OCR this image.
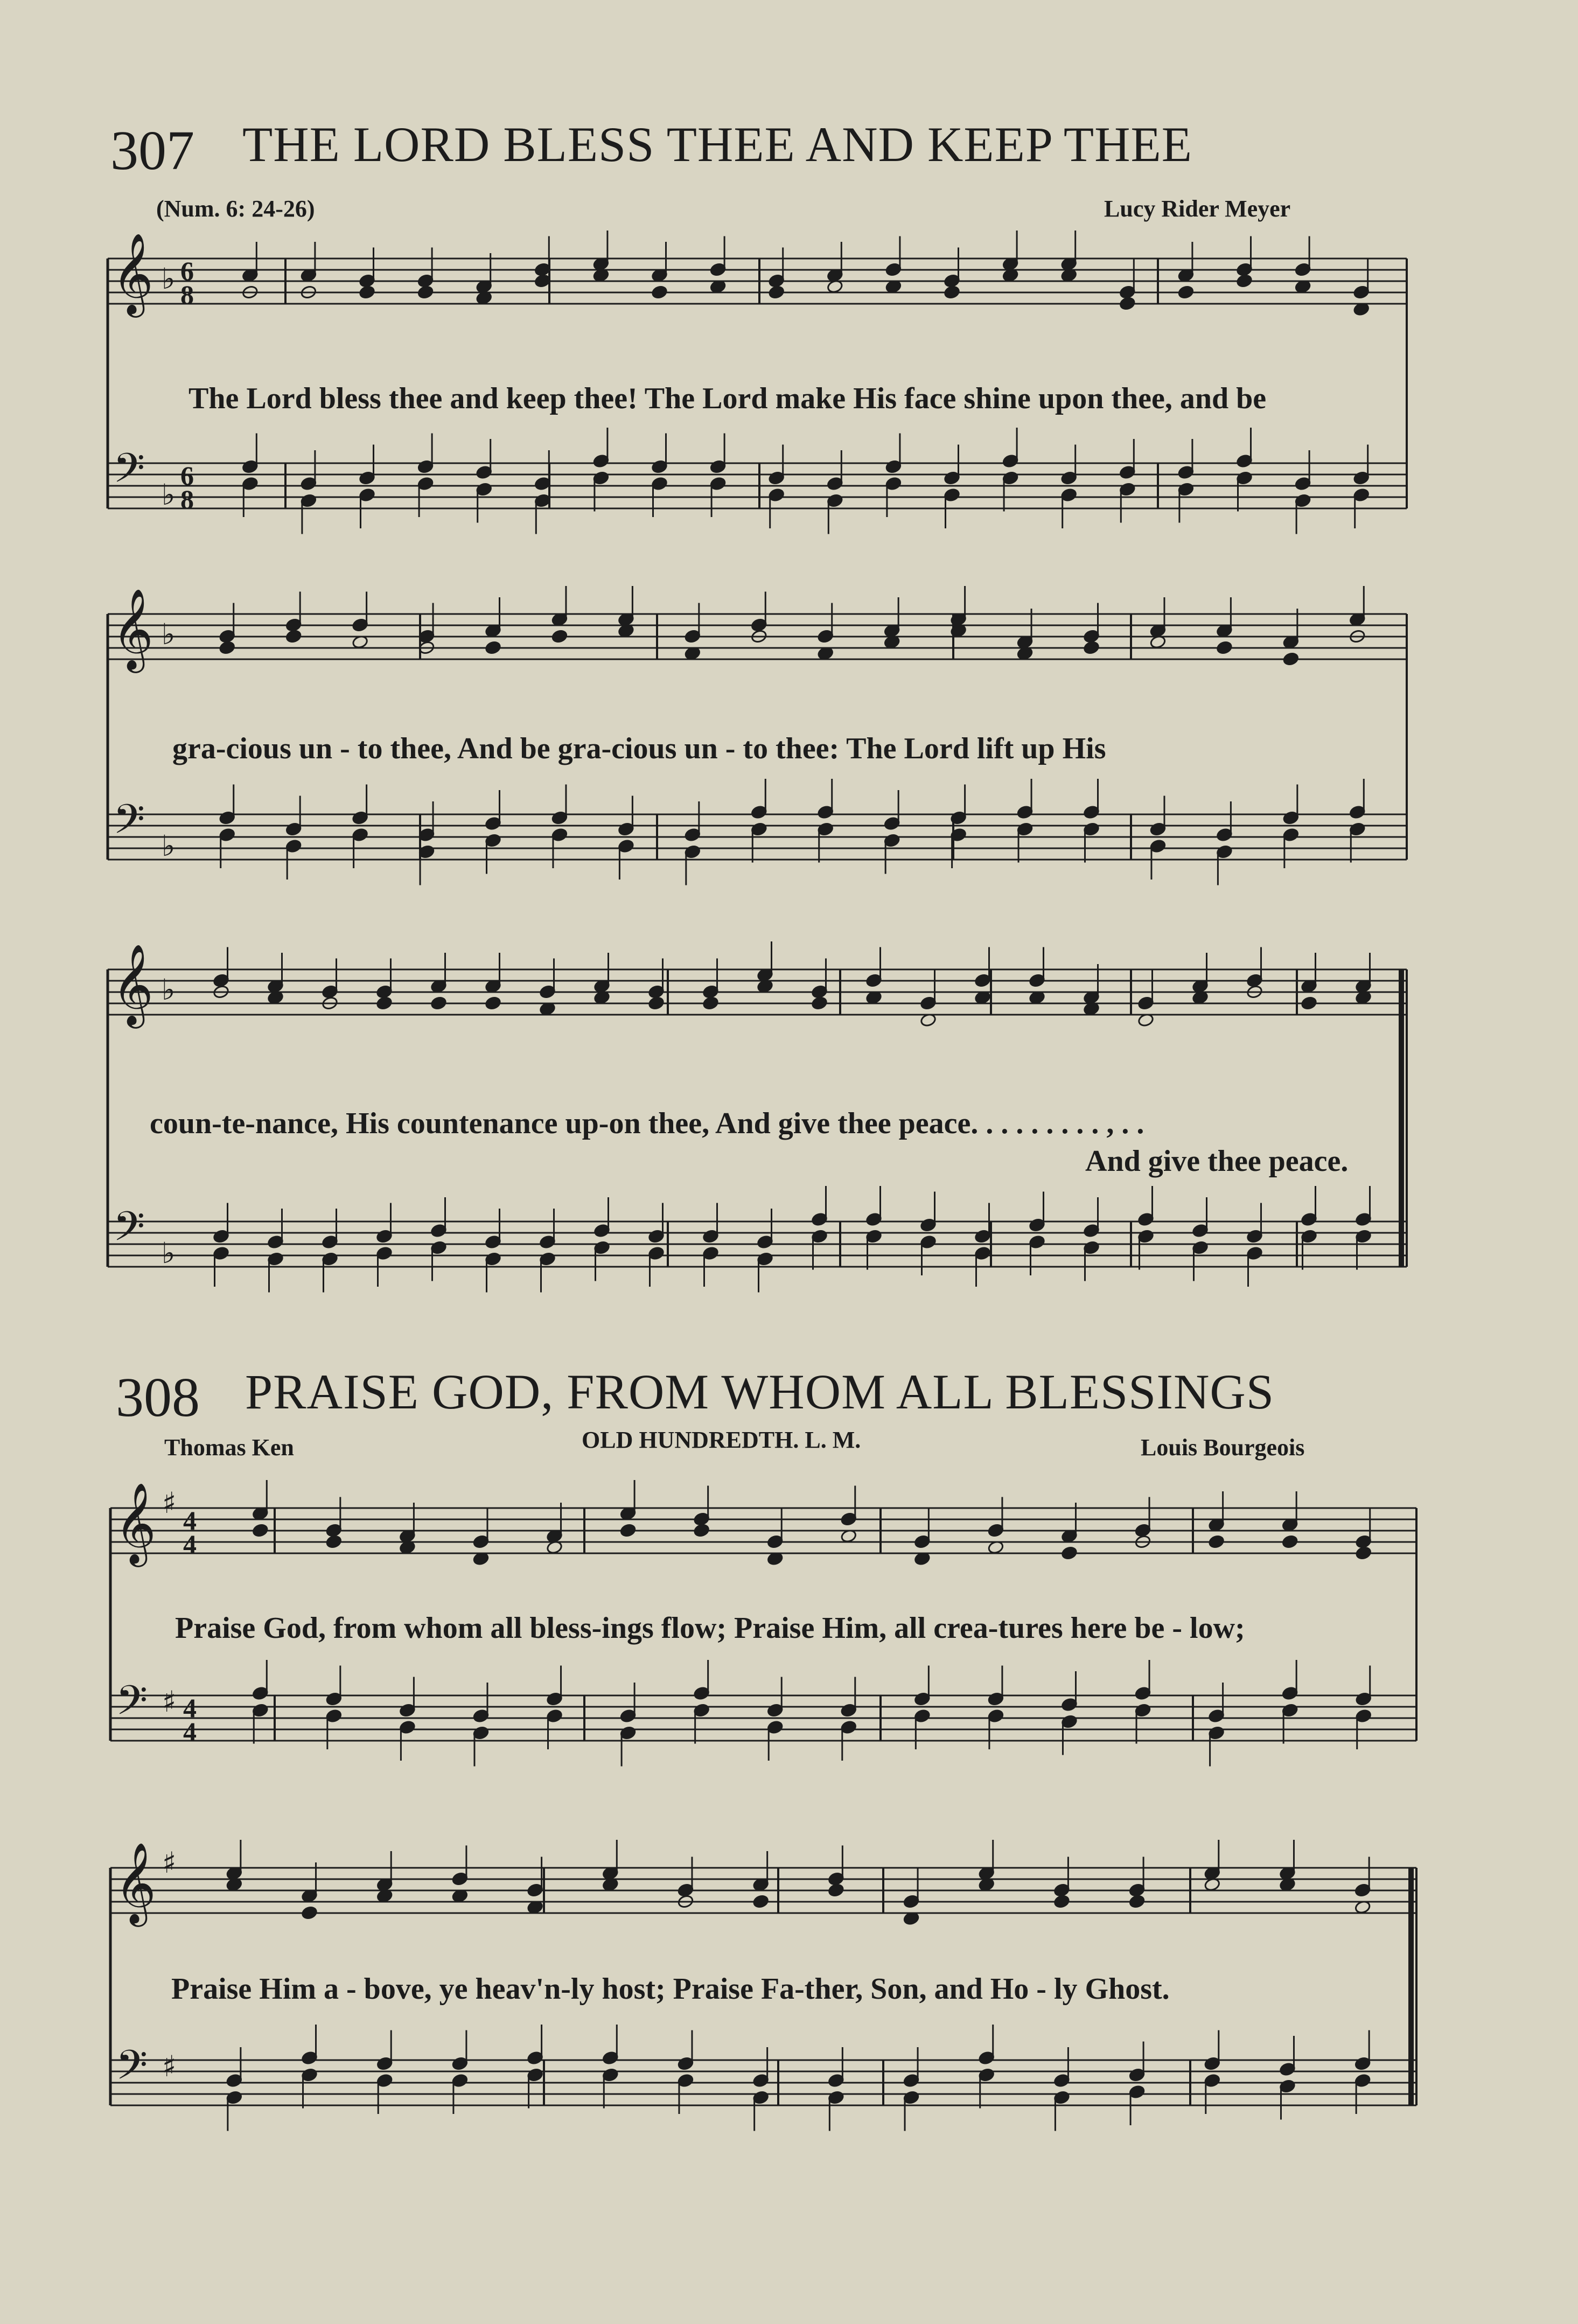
307 THE LORD BLESS THEE AND KEEP THEE
(Num. 6: 24-26)	Lucy Rider Meyer
The Lord bless thee and keep thee! The Lord make His face shine upon thee, and be
gra-cious un - to thee, And be gra-cious un - to thee: The Lord lift up His
coun-te-nance, His countenance up-on thee, And give thee peace. . . . . . . . . , . .
And give thee peace.
308 PRAISE GOD, FROM WHOM ALL BLESSINGS
Thomas Ken	OLD HUNDREDTH. L. M.	Louis Bourgeois
Praise God, from whom all bless-ings flow; Praise Him, all crea-tures here be - low;
Praise Him a - bove, ye heav'n-ly host; Praise Fa-ther, Son, and Ho - ly Ghost.
𝄞
𝄢
♭
♭
6
8
6
8
𝄞
𝄢
♭
♭
𝄞
𝄢
♭
♭
𝄞
𝄢
♯
♯
4
4
4
4
𝄞
𝄢
♯
♯
